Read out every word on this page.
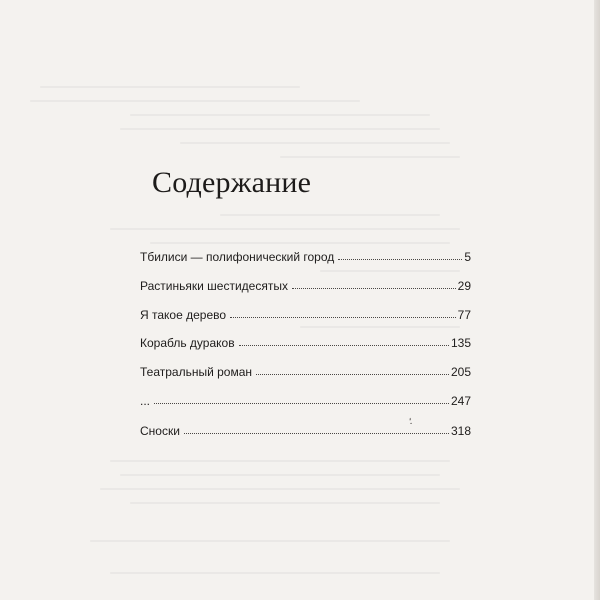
Содержание
Тбилиси — полифонический город	5
Растиньяки шестидесятых	29
Я такое дерево	77
Корабль дураков	135
Театральный роман	205
...	247
Сноски	318
⸵
